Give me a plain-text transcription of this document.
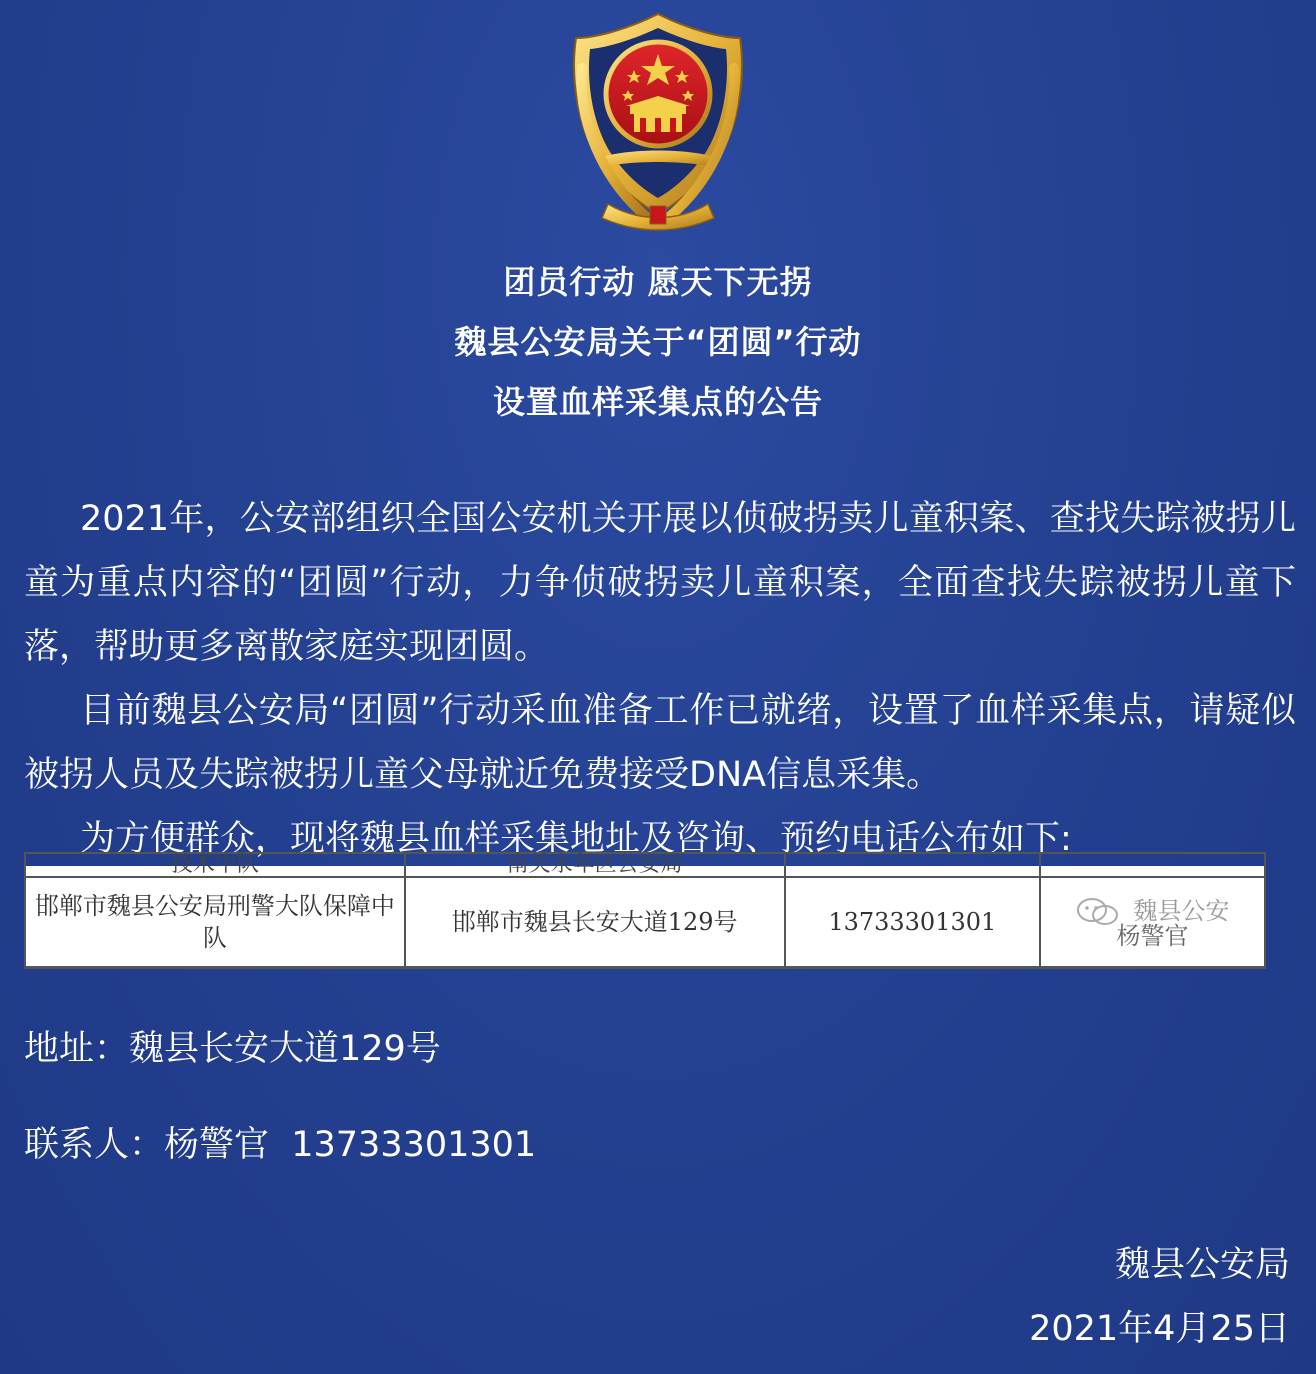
团员行动 愿天下无拐
魏县公安局关于“团圆”行动
设置血样采集点的公告

2021年，公安部组织全国公安机关开展以侦破拐卖儿童积案、查找失踪被拐儿童为重点内容的“团圆”行动，力争侦破拐卖儿童积案，全面查找失踪被拐儿童下落，帮助更多离散家庭实现团圆。

目前魏县公安局“团圆”行动采血准备工作已就绪，设置了血样采集点，请疑似被拐人员及失踪被拐儿童父母就近免费接受DNA信息采集。

为方便群众，现将魏县血样采集地址及咨询、预约电话公布如下:

技术中队	南关永年区公安局		
邯郸市魏县公安局刑警大队保障中队	邯郸市魏县长安大道129号	13733301301	魏县公安
杨警官
地址：魏县长安大道129号
联系人：杨警官  13733301301
魏县公安局
2021年4月25日
